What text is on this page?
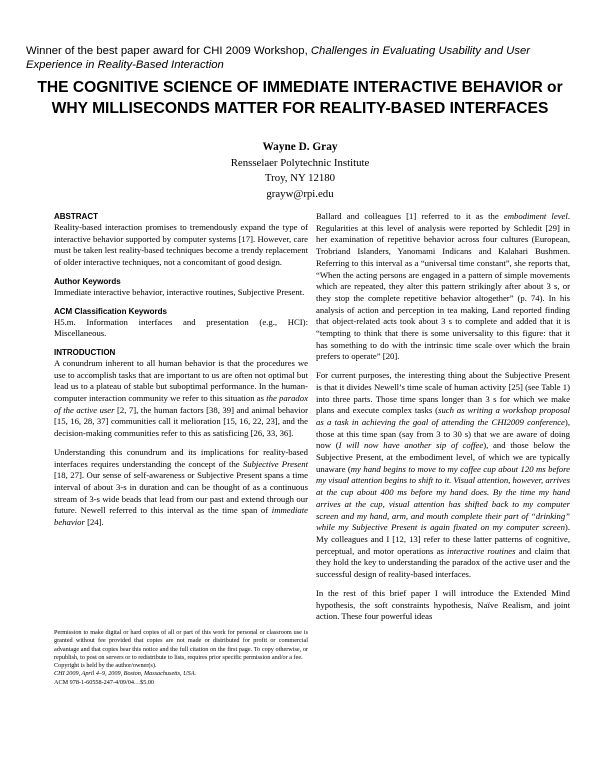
Winner of the best paper award for CHI 2009 Workshop, Challenges in Evaluating Usability and User Experience in Reality-Based Interaction
THE COGNITIVE SCIENCE OF IMMEDIATE INTERACTIVE BEHAVIOR or WHY MILLISECONDS MATTER FOR REALITY-BASED INTERFACES
Wayne D. Gray
Rensselaer Polytechnic Institute
Troy, NY 12180
grayw@rpi.edu
ABSTRACT

Reality-based interaction promises to tremendously expand the type of interactive behavior supported by computer systems [17]. However, care must be taken lest reality-based techniques become a trendy replacement of older interactive techniques, not a concomitant of good design.

Author Keywords

Immediate interactive behavior, interactive routines, Subjective Present.

ACM Classification Keywords

H5.m. Information interfaces and presentation (e.g., HCI): Miscellaneous.

INTRODUCTION

A conundrum inherent to all human behavior is that the procedures we use to accomplish tasks that are important to us are often not optimal but lead us to a plateau of stable but suboptimal performance. In the human-computer interaction community we refer to this situation as the paradox of the active user [2, 7], the human factors [38, 39] and animal behavior [15, 16, 28, 37] communities call it melioration [15, 16, 22, 23], and the decision-making communities refer to this as satisficing [26, 33, 36].

Understanding this conundrum and its implications for reality-based interfaces requires understanding the concept of the Subjective Present [18, 27]. Our sense of self-awareness or Subjective Present spans a time interval of about 3-s in duration and can be thought of as a continuous stream of 3-s wide beads that lead from our past and extend through our future. Newell referred to this interval as the time span of immediate behavior [24].

Permission to make digital or hard copies of all or part of this work for personal or classroom use is granted without fee provided that copies are not made or distributed for profit or commercial advantage and that copies bear this notice and the full citation on the first page. To copy otherwise, or republish, to post on servers or to redistribute to lists, requires prior specific permission and/or a fee.
Copyright is held by the author/owner(s).
CHI 2009, April 4–9, 2009, Boston, Massachusetts, USA.
ACM 978-1-60558-247-4/09/04…$5.00

Ballard and colleagues [1] referred to it as the embodiment level. Regularities at this level of analysis were reported by Schledit [29] in her examination of repetitive behavior across four cultures (European, Trobriand Islanders, Yanomami Indicans and Kalahari Bushmen. Referring to this interval as a “universal time constant”, she reports that, “When the acting persons are engaged in a pattern of simple movements which are repeated, they alter this pattern strikingly after about 3 s, or they stop the complete repetitive behavior altogether” (p. 74). In his analysis of action and perception in tea making, Land reported finding that object-related acts took about 3 s to complete and added that it is “tempting to think that there is some universality to this figure: that it has something to do with the intrinsic time scale over which the brain prefers to operate” [20].

For current purposes, the interesting thing about the Subjective Present is that it divides Newell’s time scale of human activity [25] (see Table 1) into three parts. Those time spans longer than 3 s for which we make plans and execute complex tasks (such as writing a workshop proposal as a task in achieving the goal of attending the CHI2009 conference), those at this time span (say from 3 to 30 s) that we are aware of doing now (I will now have another sip of coffee), and those below the Subjective Present, at the embodiment level, of which we are typically unaware (my hand begins to move to my coffee cup about 120 ms before my visual attention begins to shift to it. Visual attention, however, arrives at the cup about 400 ms before my hand does. By the time my hand arrives at the cup, visual attention has shifted back to my computer screen and my hand, arm, and mouth complete their part of “drinking” while my Subjective Present is again fixated on my computer screen). My colleagues and I [12, 13] refer to these latter patterns of cognitive, perceptual, and motor operations as interactive routines and claim that they hold the key to understanding the paradox of the active user and the successful design of reality-based interfaces.

In the rest of this brief paper I will introduce the Extended Mind hypothesis, the soft constraints hypothesis, Naïve Realism, and joint action. These four powerful ideas
